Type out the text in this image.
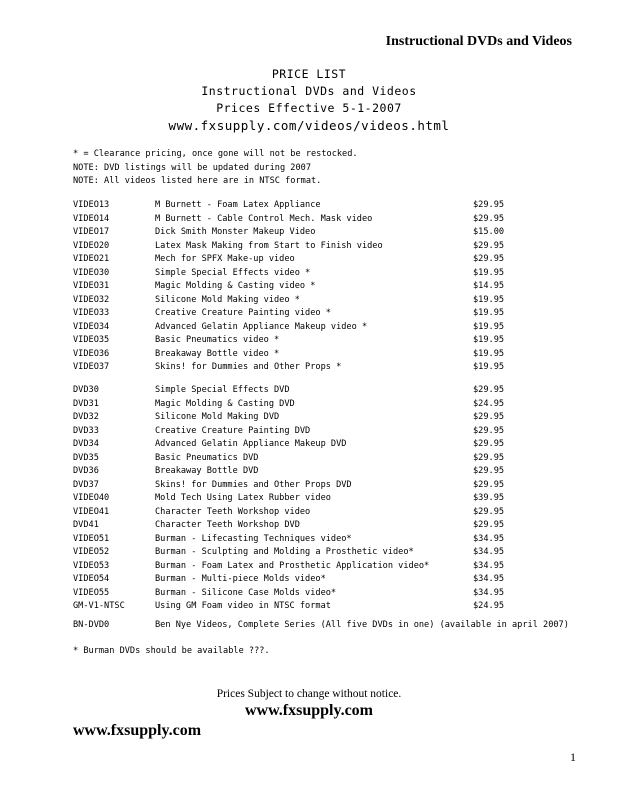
Instructional DVDs and Videos
PRICE LIST
Instructional DVDs and Videos
Prices Effective 5-1-2007
www.fxsupply.com/videos/videos.html
* = Clearance pricing, once gone will not be restocked.
NOTE: DVD listings will be updated during 2007
NOTE: All videos listed here are in NTSC format.
VIDEO13	M Burnett - Foam Latex Appliance	$29.95
VIDEO14	M Burnett - Cable Control Mech. Mask video	$29.95
VIDEO17	Dick Smith Monster Makeup Video	$15.00
VIDEO20	Latex Mask Making from Start to Finish video	$29.95
VIDEO21	Mech for SPFX Make-up video	$29.95
VIDEO30	Simple Special Effects video *	$19.95
VIDEO31	Magic Molding & Casting video *	$14.95
VIDEO32	Silicone Mold Making video *	$19.95
VIDEO33	Creative Creature Painting video *	$19.95
VIDEO34	Advanced Gelatin Appliance Makeup video *	$19.95
VIDEO35	Basic Pneumatics video *	$19.95
VIDEO36	Breakaway Bottle video *	$19.95
VIDEO37	Skins! for Dummies and Other Props *	$19.95
DVD30	Simple Special Effects DVD	$29.95
DVD31	Magic Molding & Casting DVD	$24.95
DVD32	Silicone Mold Making DVD	$29.95
DVD33	Creative Creature Painting DVD	$29.95
DVD34	Advanced Gelatin Appliance Makeup DVD	$29.95
DVD35	Basic Pneumatics DVD	$29.95
DVD36	Breakaway Bottle DVD	$29.95
DVD37	Skins! for Dummies and Other Props DVD	$29.95
VIDEO40	Mold Tech Using Latex Rubber video	$39.95
VIDEO41	Character Teeth Workshop video	$29.95
DVD41	Character Teeth Workshop DVD	$29.95
VIDEO51	Burman - Lifecasting Techniques video*	$34.95
VIDEO52	Burman - Sculpting and Molding a Prosthetic video*	$34.95
VIDEO53	Burman - Foam Latex and Prosthetic Application video*	$34.95
VIDEO54	Burman - Multi-piece Molds video*	$34.95
VIDEO55	Burman - Silicone Case Molds video*	$34.95
GM-V1-NTSC	Using GM Foam video in NTSC format	$24.95
BN-DVD0	Ben Nye Videos, Complete Series (All five DVDs in one) (available in april 2007)
* Burman DVDs should be available ???.
Prices Subject to change without notice.
www.fxsupply.com
www.fxsupply.com
1
